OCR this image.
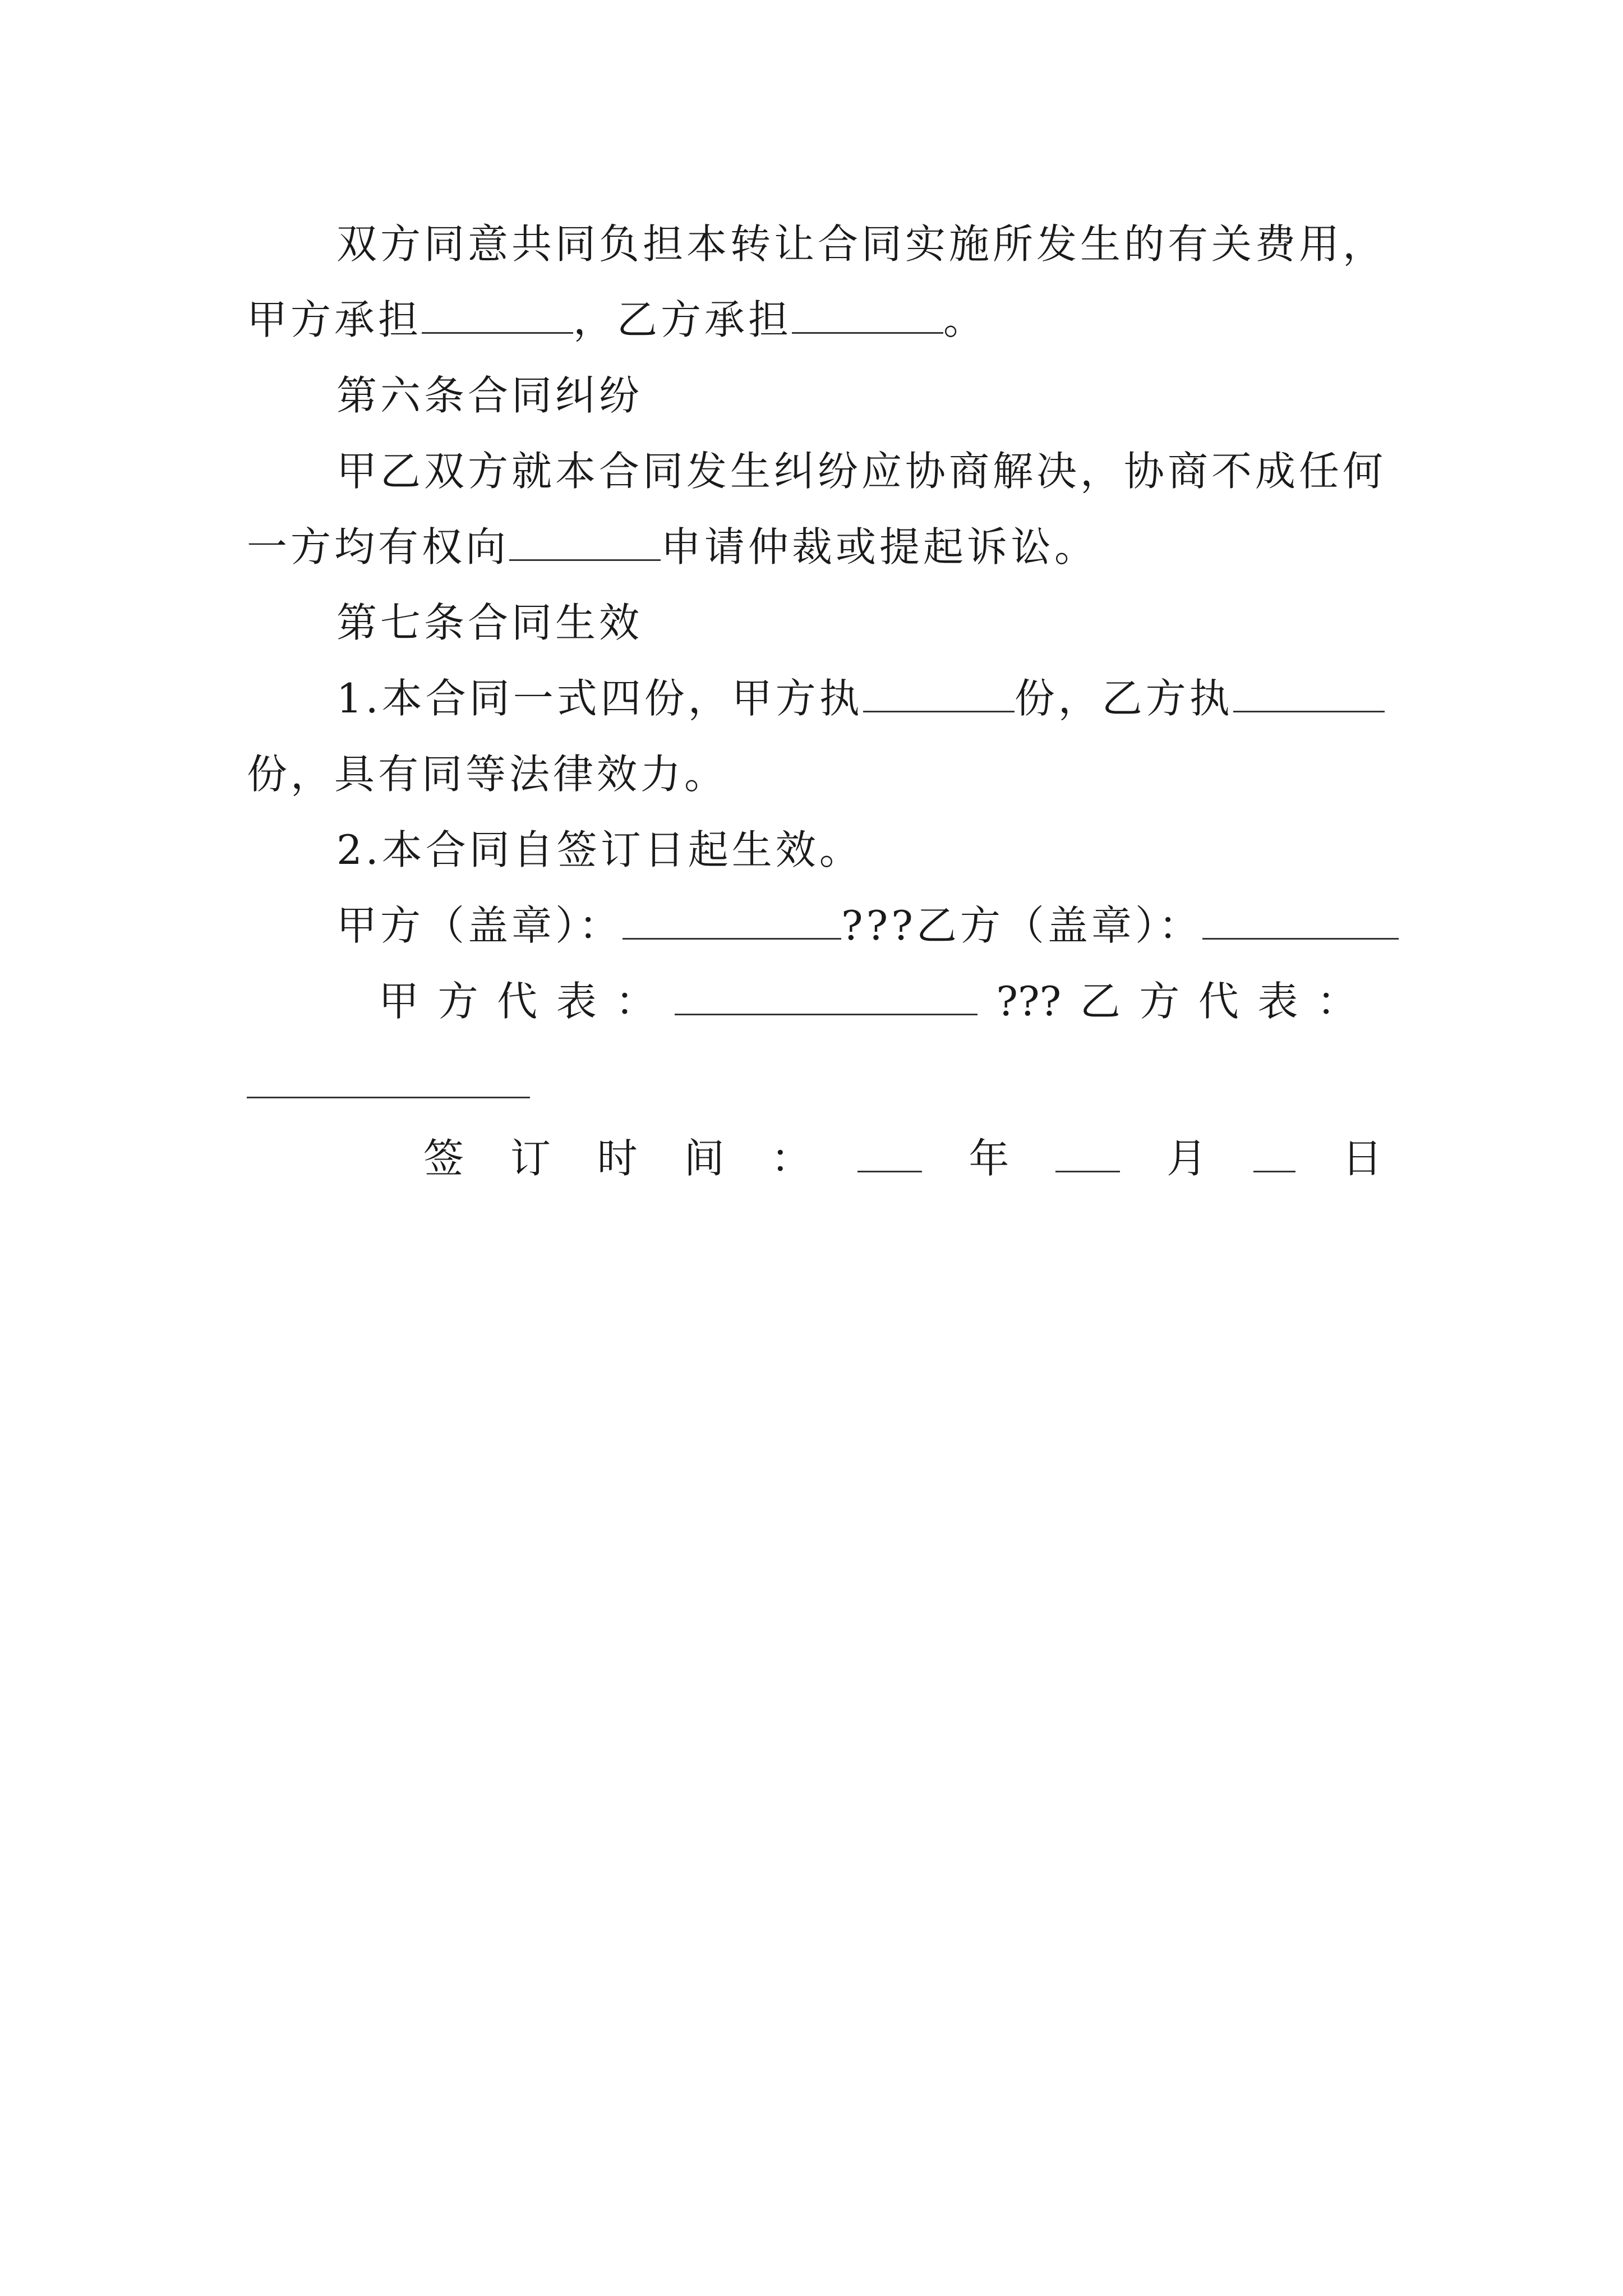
双方同意共同负担本转让合同实施所发生的有关费用，
甲方承担	，乙方承担	。
第六条合同纠纷
甲乙双方就本合同发生纠纷应协商解决，协商不成任何
一方均有权向	申请仲裁或提起诉讼。
第七条合同生效
1.本合同一式四份，甲方执	份，乙方执
份，具有同等法律效力。
2.本合同自签订日起生效。
甲方（盖章）：	???乙方（盖章）：
甲 方 代 表 ：	??? 乙 方 代 表 ：
签 订 时 间 ：	年	月	日
